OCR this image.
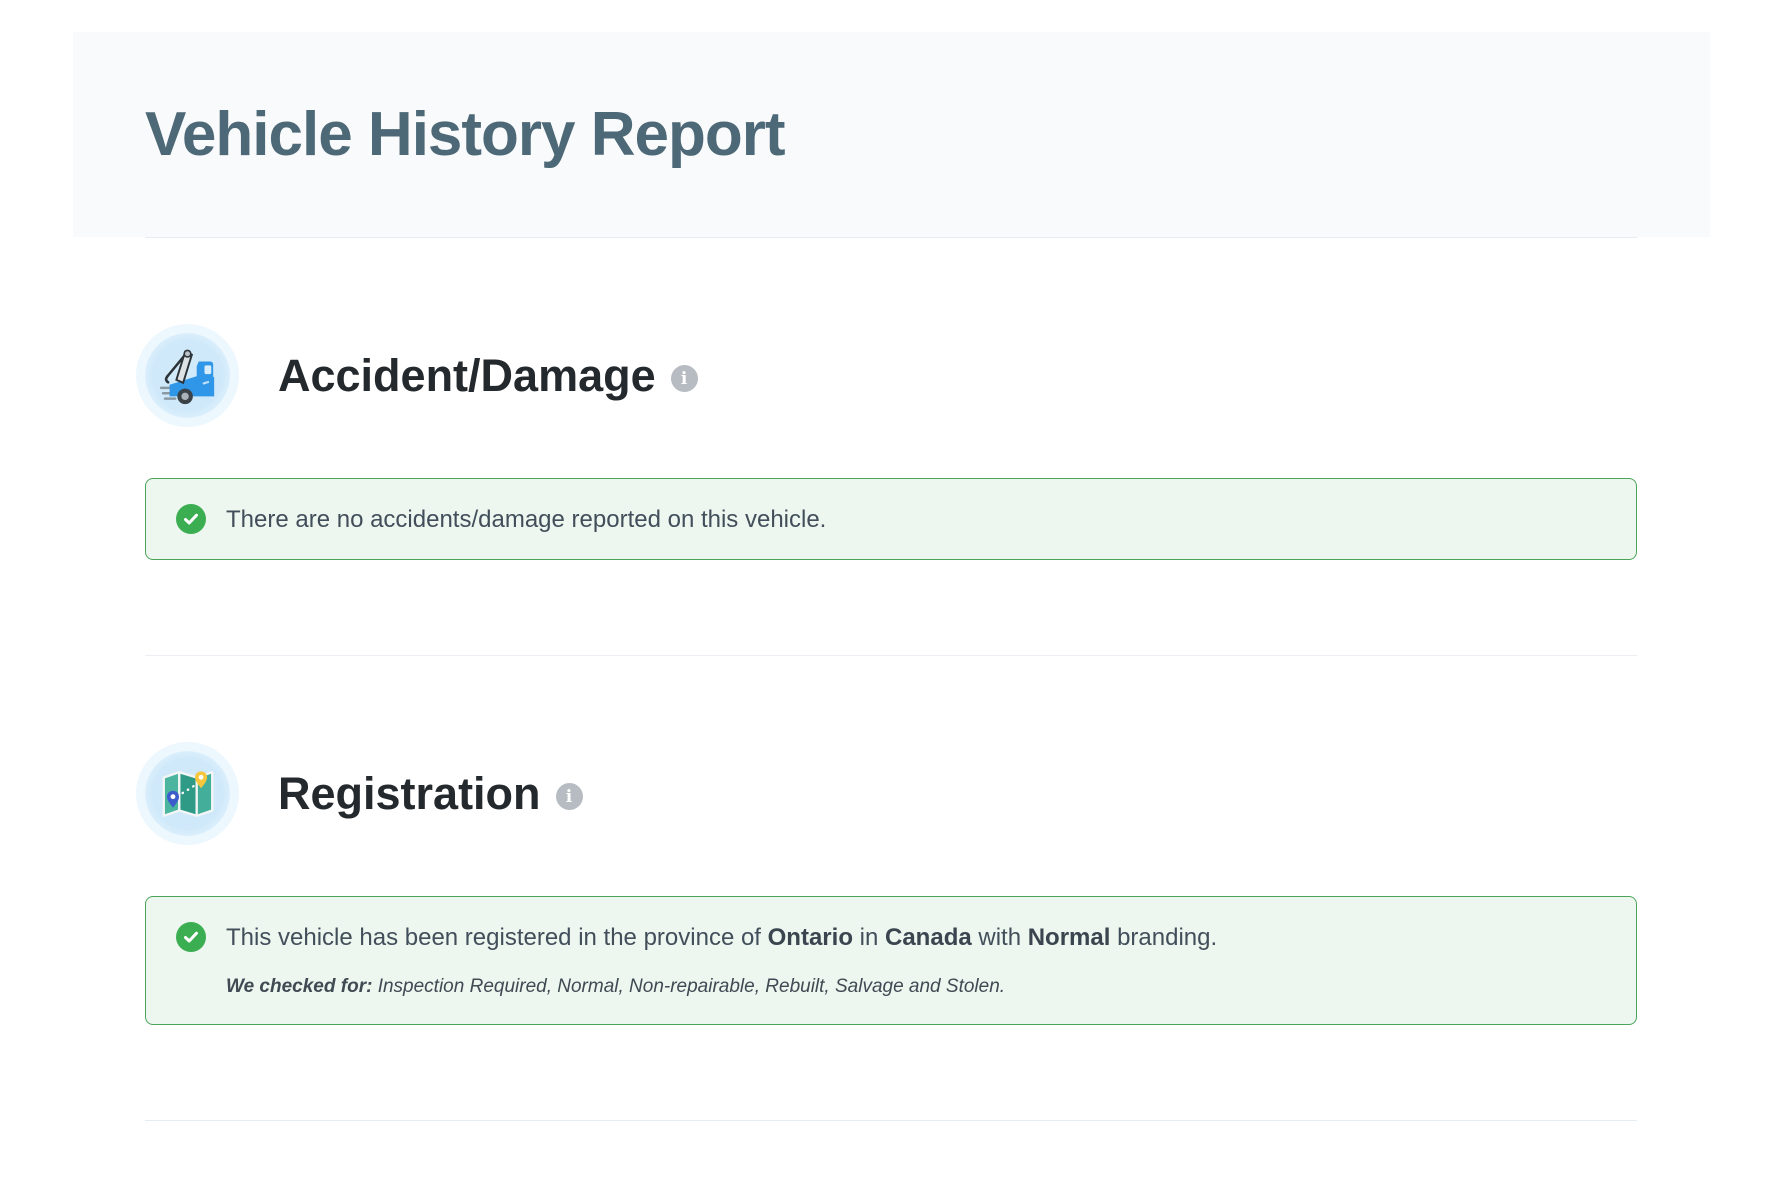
Vehicle History Report
Accident/Damage	i
There are no accidents/damage reported on this vehicle.
Registration	i
This vehicle has been registered in the province of Ontario in Canada with Normal branding.
We checked for: Inspection Required, Normal, Non-repairable, Rebuilt, Salvage and Stolen.
